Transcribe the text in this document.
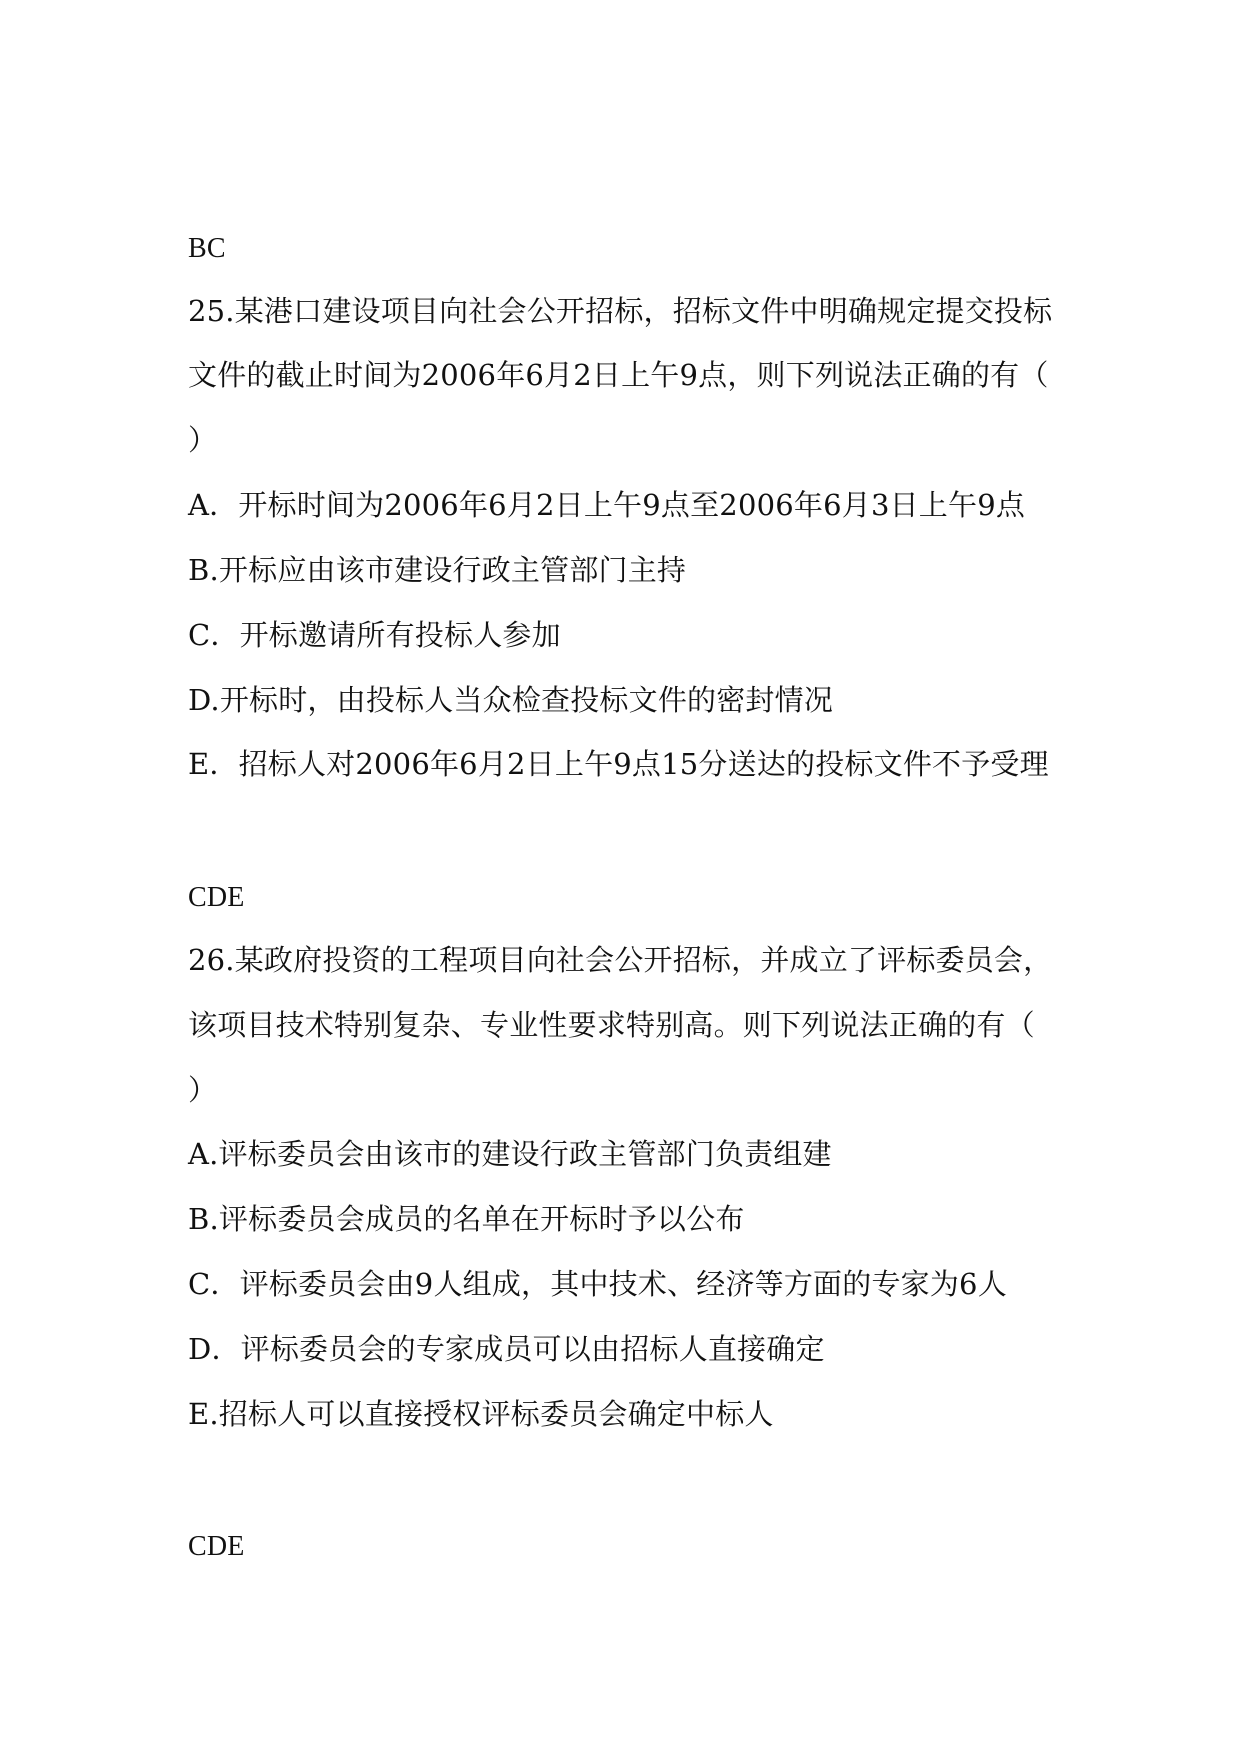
BC
25.某港口建设项目向社会公开招标，招标文件中明确规定提交投标
文件的截止时间为2006年6月2日上午9点，则下列说法正确的有（
）
A．开标时间为2006年6月2日上午9点至2006年6月3日上午9点
B.开标应由该市建设行政主管部门主持
C．开标邀请所有投标人参加
D.开标时，由投标人当众检查投标文件的密封情况
E．招标人对2006年6月2日上午9点15分送达的投标文件不予受理
CDE
26.某政府投资的工程项目向社会公开招标，并成立了评标委员会，
该项目技术特别复杂、专业性要求特别高。则下列说法正确的有（
）
A.评标委员会由该市的建设行政主管部门负责组建
B.评标委员会成员的名单在开标时予以公布
C．评标委员会由9人组成，其中技术、经济等方面的专家为6人
D．评标委员会的专家成员可以由招标人直接确定
E.招标人可以直接授权评标委员会确定中标人
CDE
